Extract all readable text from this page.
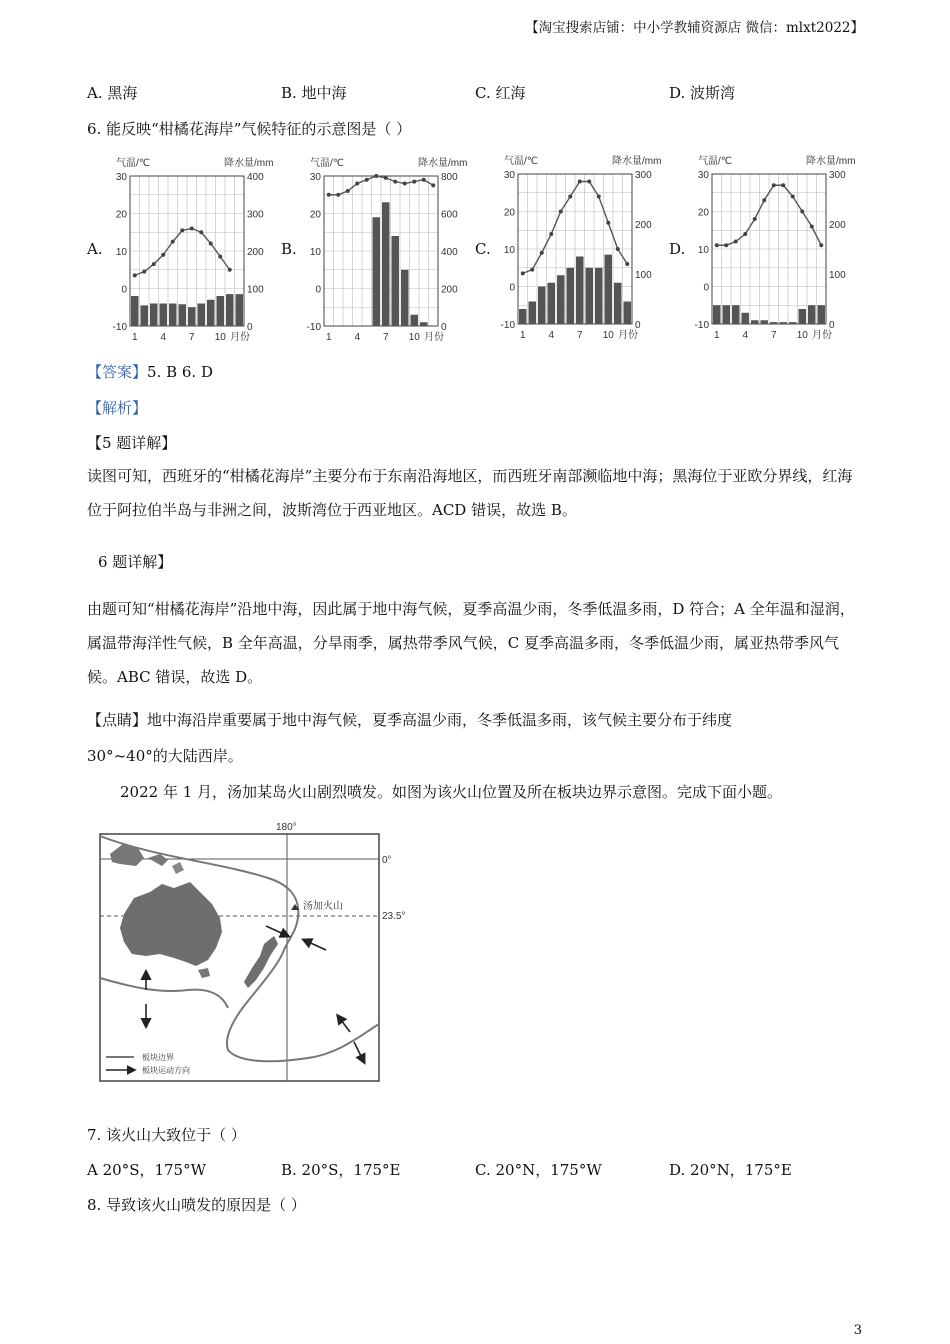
【淘宝搜索店铺：中小学教辅资源店 微信：mlxt2022】
A. 黑海	B. 地中海	C. 红海	D. 波斯湾
6. 能反映“柑橘花海岸”气候特征的示意图是（ ）
A.	B.	C.	D.
气温/℃	降水量/mm
30
20
10
0
-10
400
300
200
100
0
1 4 7 10 月份
气温/℃	降水量/mm
30
20
10
0
-10
800
600
400
200
0
1 4 7 10 月份
气温/℃	降水量/mm
30
20
10
0
-10
300
200
100
0
1 4 7 10 月份
气温/℃	降水量/mm
30
20
10
0
-10
300
200
100
0
1 4 7 10 月份
【答案】5. B 6. D
【解析】
【5 题详解】
读图可知，西班牙的“柑橘花海岸”主要分布于东南沿海地区，而西班牙南部濒临地中海；黑海位于亚欧分界线，红海位于阿拉伯半岛与非洲之间，波斯湾位于西亚地区。ACD 错误，故选 B。
6 题详解】
由题可知“柑橘花海岸”沿地中海，因此属于地中海气候，夏季高温少雨，冬季低温多雨，D 符合；A 全年温和湿润，属温带海洋性气候，B 全年高温，分旱雨季，属热带季风气候，C 夏季高温多雨，冬季低温少雨，属亚热带季风气候。ABC 错误，故选 D。
【点睛】地中海沿岸重要属于地中海气候，夏季高温少雨，冬季低温多雨，该气候主要分布于纬度
30°~40°的大陆西岸。
2022 年 1 月，汤加某岛火山剧烈喷发。如图为该火山位置及所在板块边界示意图。完成下面小题。
汤加火山
180°
0°
23.5°
板块边界
板块运动方向
7. 该火山大致位于（ ）
A 20°S，175°W	B. 20°S，175°E	C. 20°N，175°W	D. 20°N，175°E
8. 导致该火山喷发的原因是（ ）
3
